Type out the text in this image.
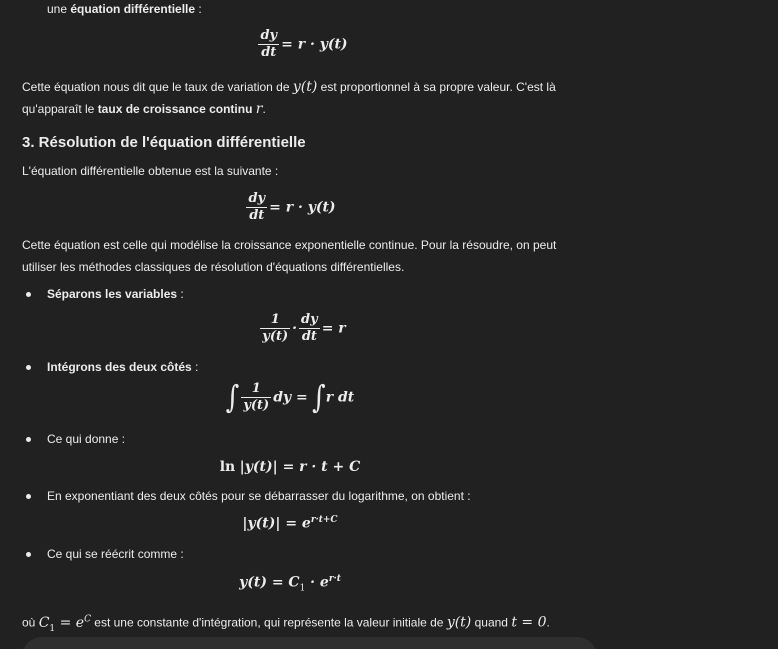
une équation différentielle :
$\frac{dy}{dt} = r \cdot y(t)$
Cette équation nous dit que le taux de variation de y(t) est proportionnel à sa propre valeur. C'est là
qu'apparaît le taux de croissance continu r.
3. Résolution de l'équation différentielle
L'équation différentielle obtenue est la suivante :
$\frac{dy}{dt} = r \cdot y(t)$
Cette équation est celle qui modélise la croissance exponentielle continue. Pour la résoudre, on peut
utiliser les méthodes classiques de résolution d'équations différentielles.
Séparons les variables :
$\frac{1}{y(t)} \cdot \frac{dy}{dt} = r$
Intégrons des deux côtés :
∫ $\frac{1}{y(t)}$ dy = ∫r dt
Ce qui donne :
ln |y(t)| = r · t + C
En exponentiant des deux côtés pour se débarrasser du logarithme, on obtient :
$|y(t)| = e^{r\cdot t+C}$
Ce qui se réécrit comme :
$y(t) = C_1 \cdot e^{r\cdot t}$
où $C_1 = e^C$ est une constante d'intégration, qui représente la valeur initiale de y(t) quand t = 0.
